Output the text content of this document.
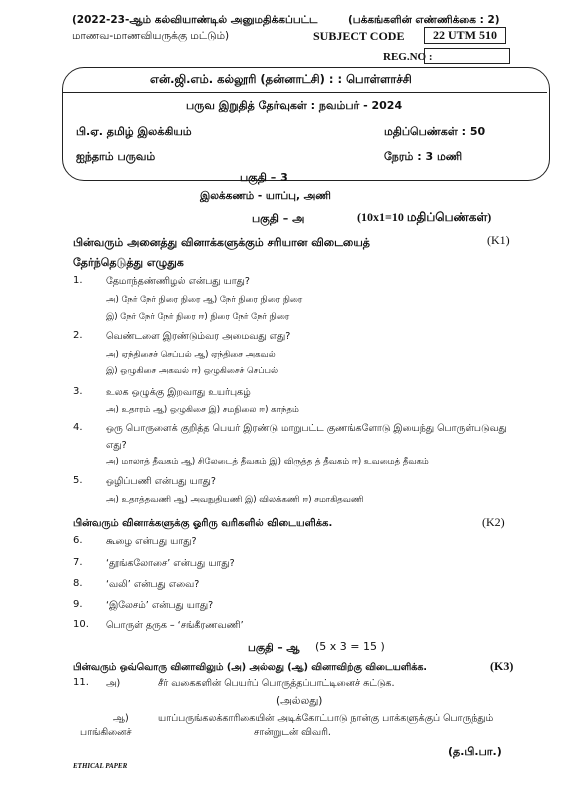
(2022-23-ஆம் கல்வியாண்டில் அனுமதிக்கப்பட்ட
மாணவ-மாணவியருக்கு மட்டும்)
(பக்கங்களின் எண்ணிக்கை : 2)
SUBJECT CODE	22 UTM 510
REG.NO :
என்.ஜி.எம். கல்லூரி (தன்னாட்சி) : : பொள்ளாச்சி
பருவ இறுதித் தேர்வுகள் : நவம்பர் - 2024
பி.ஏ. தமிழ் இலக்கியம்	மதிப்பெண்கள் : 50
ஐந்தாம் பருவம்	நேரம் : 3 மணி
பகுதி – 3
இலக்கணம் - யாப்பு, அணி
பகுதி – அ	(10x1=10 மதிப்பெண்கள்)
பின்வரும் அனைத்து வினாக்களுக்கும் சரியான விடையைத்	(K1)
தேர்ந்தெடுத்து எழுதுக
1. தேமாந்தண்ணிழல் என்பது யாது?
அ) நேர் நேர் நிரை நிரை ஆ) நேர் நிரை நிரை நிரை
இ) நேர் நேர் நேர் நிரை ஈ) நிரை நேர் நேர் நிரை
2. வெண்டளை இரண்டும்வர அமைவது எது?
அ) ஏந்திசைச் செப்பல் ஆ) ஏந்திசை அகவல்
இ) ஒழுகிசை அகவல் ஈ) ஒழுகிசைச் செப்பல்
3. உலக ஒழுக்கு இறவாது உயர்புகழ்
அ) உதாரம் ஆ) ஒழுகிசை இ) சமநிலை ஈ) காந்தம்
4. ஒரு பொருளைக் குறித்த பெயர் இரண்டு மாறுபட்ட குணங்களோடு இயைந்து பொருள்படுவது
எது?
அ) மாலாத் தீவகம் ஆ) சிலேடைத் தீவகம் இ) விருத்த த் தீவகம் ஈ) உவமைத் தீவகம்
5. ஒழிப்பணி என்பது யாது?
அ) உதாத்தவணி ஆ) அவநுதியணி இ) விலக்கணி ஈ) சமாகிதவணி
பின்வரும் வினாக்களுக்கு ஓரிரு வரிகளில் விடையளிக்க.	(K2)
6. கூழை என்பது யாது?
7. ‘தூங்கலோசை’ என்பது யாது?
8. ‘வலி’ என்பது எவை?
9. ‘இலேசம்’ என்பது யாது?
10. பொருள் தருக – ‘சங்கீரணவணி’
பகுதி – ஆ (5 x 3 = 15 )
பின்வரும் ஒவ்வொரு வினாவிலும் (அ) அல்லது (ஆ) வினாவிற்கு விடையளிக்க.	(K3)
11. அ)	சீர் வகைகளின் பெயர்ப் பொருத்தப்பாட்டினைச் சுட்டுக.
(அல்லது)
ஆ)	யாப்பருங்கலக்காரிகையின் அடிக்கோட்பாடு நான்கு பாக்களுக்குப் பொருந்தும்
பாங்கினைச்	சான்றுடன் விவரி.
(த.பி.பா.)
ETHICAL PAPER
